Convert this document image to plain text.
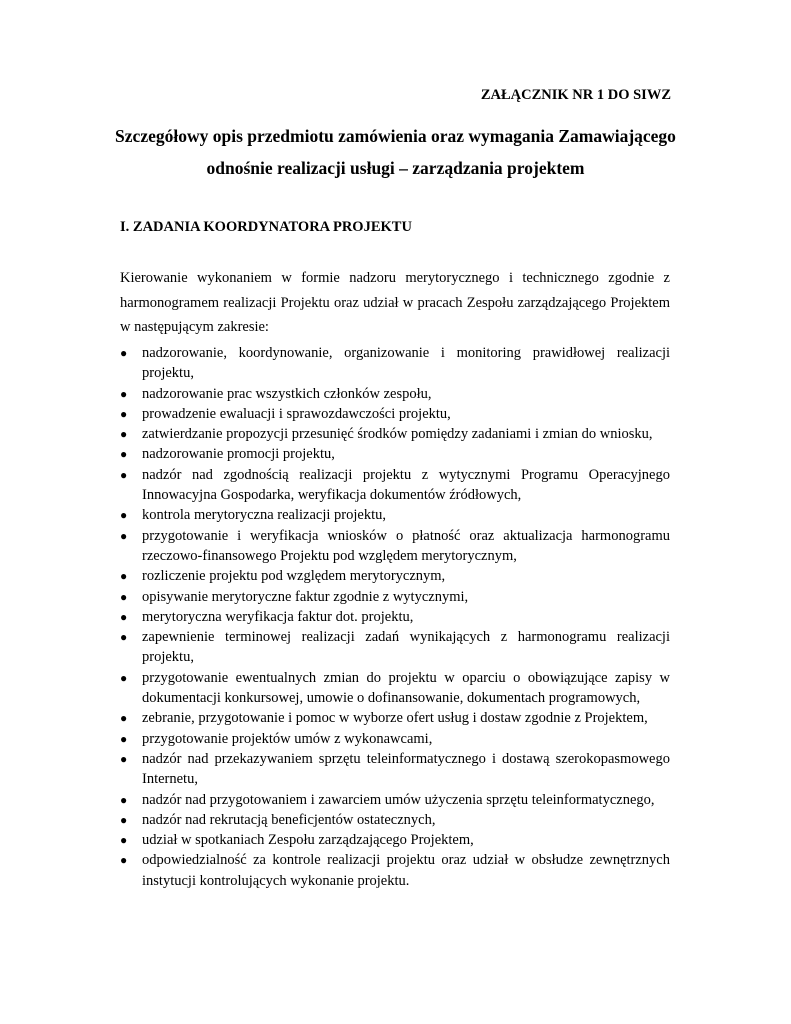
ZAŁĄCZNIK NR 1 DO SIWZ

Szczegółowy opis przedmiotu zamówienia oraz wymagania Zamawiającego
odnośnie realizacji usługi – zarządzania projektem
I. ZADANIA KOORDYNATORA PROJEKTU

Kierowanie wykonaniem w formie nadzoru merytorycznego i technicznego zgodnie z harmonogramem realizacji Projektu oraz udział w pracach Zespołu zarządzającego Projektem w następującym zakresie:

●	nadzorowanie, koordynowanie, organizowanie i monitoring prawidłowej realizacji projektu,
●	nadzorowanie prac wszystkich członków zespołu,
●	prowadzenie ewaluacji i sprawozdawczości projektu,
●	zatwierdzanie propozycji przesunięć środków pomiędzy zadaniami i zmian do wniosku,
●	nadzorowanie promocji projektu,
●	nadzór nad zgodnością realizacji projektu z wytycznymi Programu Operacyjnego Innowacyjna Gospodarka, weryfikacja dokumentów źródłowych,
●	kontrola merytoryczna realizacji projektu,
●	przygotowanie i weryfikacja wniosków o płatność oraz aktualizacja harmonogramu rzeczowo-finansowego Projektu pod względem merytorycznym,
●	rozliczenie projektu pod względem merytorycznym,
●	opisywanie merytoryczne faktur zgodnie z wytycznymi,
●	merytoryczna weryfikacja faktur dot. projektu,
●	zapewnienie terminowej realizacji zadań wynikających z harmonogramu realizacji projektu,
●	przygotowanie ewentualnych zmian do projektu w oparciu o obowiązujące zapisy w dokumentacji konkursowej, umowie o dofinansowanie, dokumentach programowych,
●	zebranie, przygotowanie i pomoc w wyborze ofert usług i dostaw zgodnie z Projektem,
●	przygotowanie projektów umów z wykonawcami,
●	nadzór nad przekazywaniem sprzętu teleinformatycznego i dostawą szerokopasmowego Internetu,
●	nadzór nad przygotowaniem i zawarciem umów użyczenia sprzętu teleinformatycznego,
●	nadzór nad rekrutacją beneficjentów ostatecznych,
●	udział w spotkaniach Zespołu zarządzającego Projektem,
●	odpowiedzialność za kontrole realizacji projektu oraz udział w obsłudze zewnętrznych instytucji kontrolujących wykonanie projektu.
